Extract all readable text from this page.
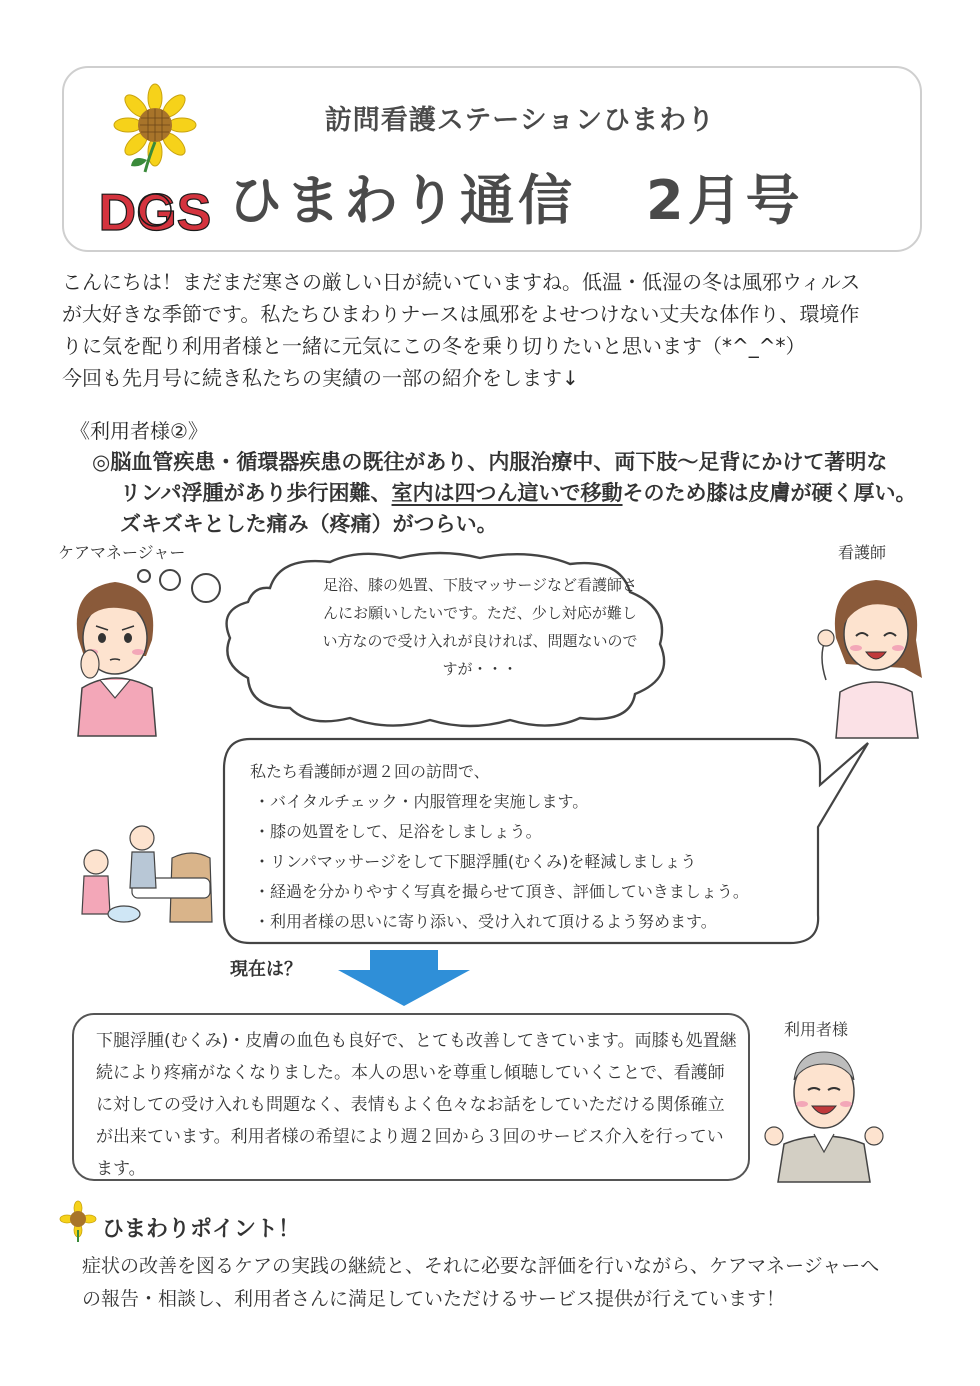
DGS
訪問看護ステーションひまわり
ひまわり通信 2月号

こんにちは！まだまだ寒さの厳しい日が続いていますね。低温・低湿の冬は風邪ウィルス

が大好きな季節です。私たちひまわりナースは風邪をよせつけない丈夫な体作り、環境作

りに気を配り利用者様と一緒に元気にこの冬を乗り切りたいと思います（*^_^*）

今回も先月号に続き私たちの実績の一部の紹介をします↓

《利用者様②》

◎脳血管疾患・循環器疾患の既往があり、内服治療中、両下肢～足背にかけて著明な

リンパ浮腫があり歩行困難、室内は四つん這いで移動そのため膝は皮膚が硬く厚い。

ズキズキとした痛み（疼痛）がつらい。

ケアマネージャー	看護師

足浴、膝の処置、下肢マッサージなど看護師さ

んにお願いしたいです。ただ、少し対応が難し

い方なので受け入れが良ければ、問題ないので

すが・・・

私たち看護師が週２回の訪問で、

・バイタルチェック・内服管理を実施します。

・膝の処置をして、足浴をしましょう。

・リンパマッサージをして下腿浮腫(むくみ)を軽減しましょう

・経過を分かりやすく写真を撮らせて頂き、評価していきましょう。

・利用者様の思いに寄り添い、受け入れて頂けるよう努めます。

現在は？
下腿浮腫(むくみ)・皮膚の血色も良好で、とても改善してきています。両膝も処置継続により疼痛がなくなりました。本人の思いを尊重し傾聴していくことで、看護師に対しての受け入れも問題なく、表情もよく色々なお話をしていただける関係確立が出来ています。利用者様の希望により週２回から３回のサービス介入を行っています。
利用者様
ひまわりポイント！

症状の改善を図るケアの実践の継続と、それに必要な評価を行いながら、ケアマネージャーへ

の報告・相談し、利用者さんに満足していただけるサービス提供が行えています！
